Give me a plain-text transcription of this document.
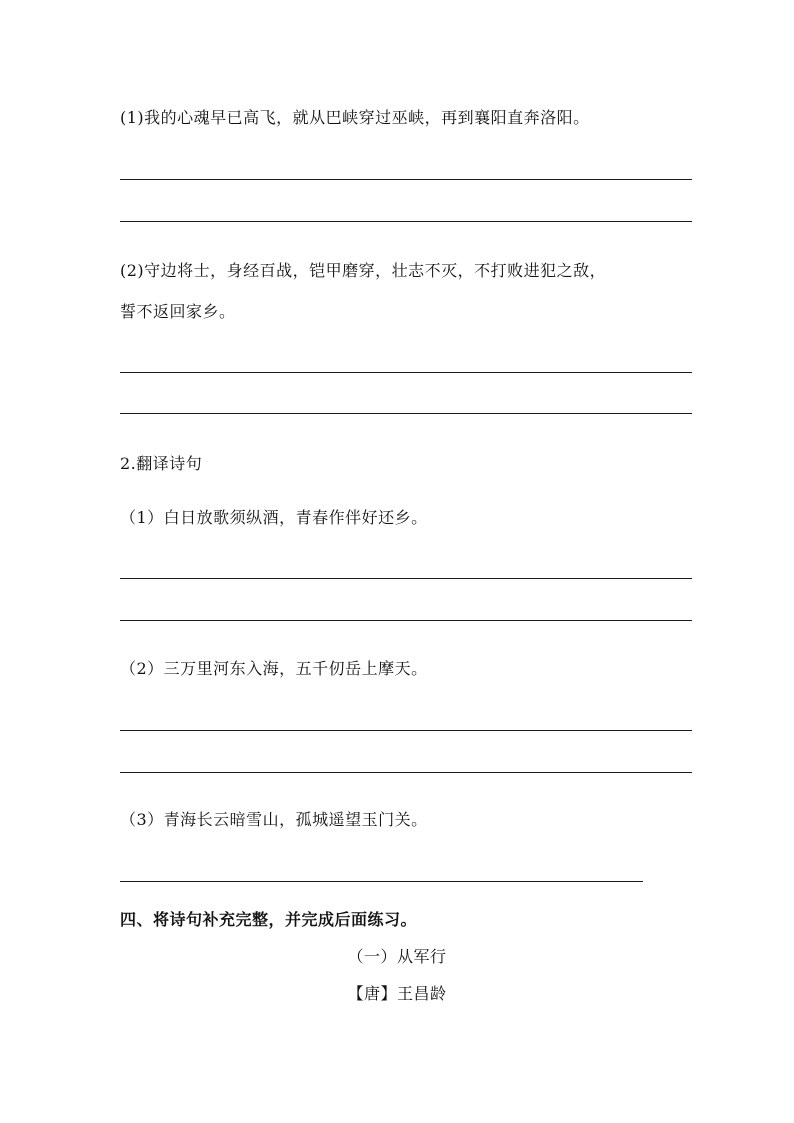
(1)我的心魂早已高飞，就从巴峡穿过巫峡，再到襄阳直奔洛阳。
(2)守边将士，身经百战，铠甲磨穿，壮志不灭，不打败进犯之敌，
誓不返回家乡。
2.翻译诗句
（1）白日放歌须纵酒，青春作伴好还乡。
（2）三万里河东入海，五千仞岳上摩天。
（3）青海长云暗雪山，孤城遥望玉门关。
四、将诗句补充完整，并完成后面练习。
（一）从军行
【唐】王昌龄
